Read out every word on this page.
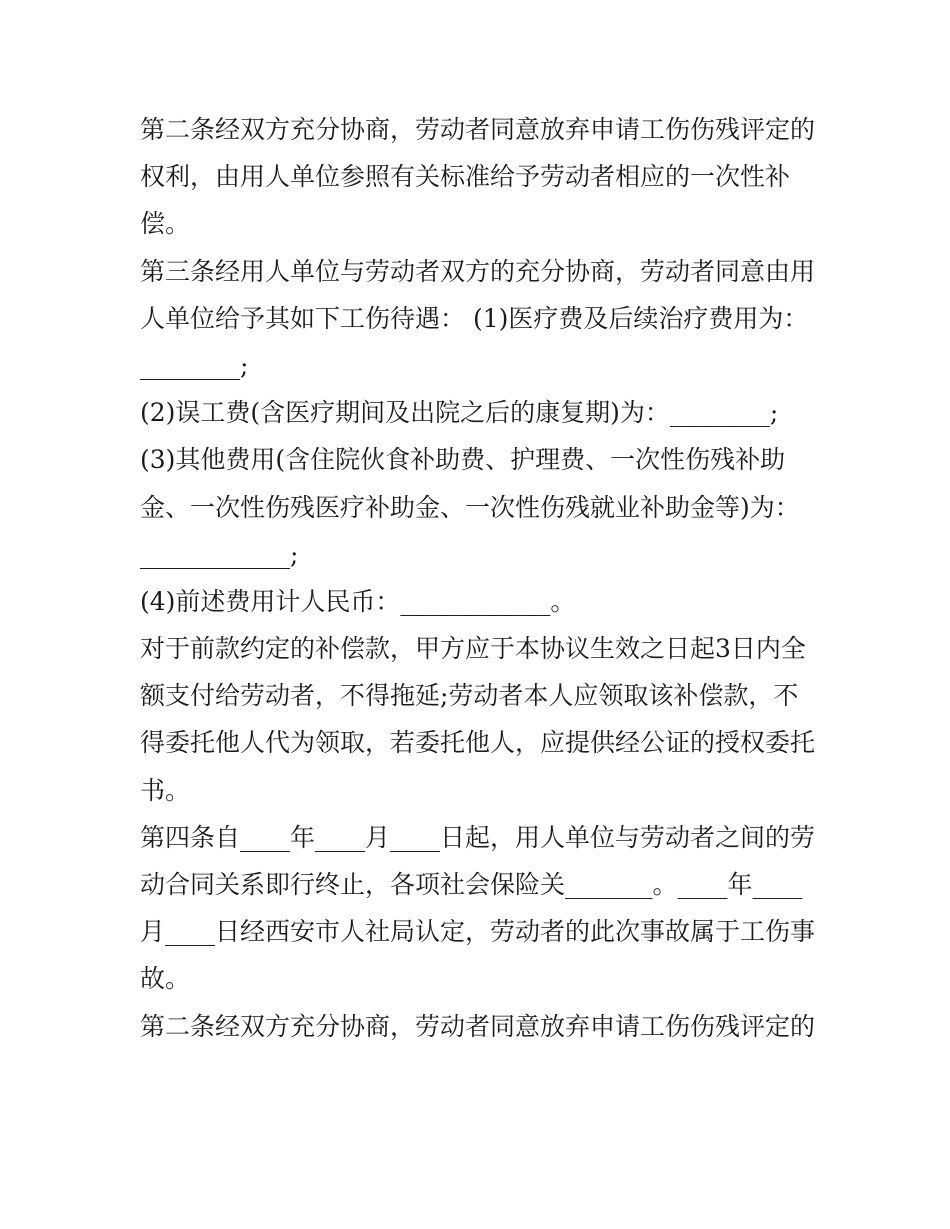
第二条经双方充分协商，劳动者同意放弃申请工伤伤残评定的
权利，由用人单位参照有关标准给予劳动者相应的一次性补
偿。
第三条经用人单位与劳动者双方的充分协商，劳动者同意由用
人单位给予其如下工伤待遇： (1)医疗费及后续治疗费用为：
________;
(2)误工费(含医疗期间及出院之后的康复期)为：________;
(3)其他费用(含住院伙食补助费、护理费、一次性伤残补助
金、一次性伤残医疗补助金、一次性伤残就业补助金等)为：
____________;
(4)前述费用计人民币：____________。
对于前款约定的补偿款，甲方应于本协议生效之日起3日内全
额支付给劳动者，不得拖延;劳动者本人应领取该补偿款，不
得委托他人代为领取，若委托他人，应提供经公证的授权委托
书。
第四条自____年____月____日起，用人单位与劳动者之间的劳
动合同关系即行终止，各项社会保险关_______。____年____
月____日经西安市人社局认定，劳动者的此次事故属于工伤事
故。
第二条经双方充分协商，劳动者同意放弃申请工伤伤残评定的
